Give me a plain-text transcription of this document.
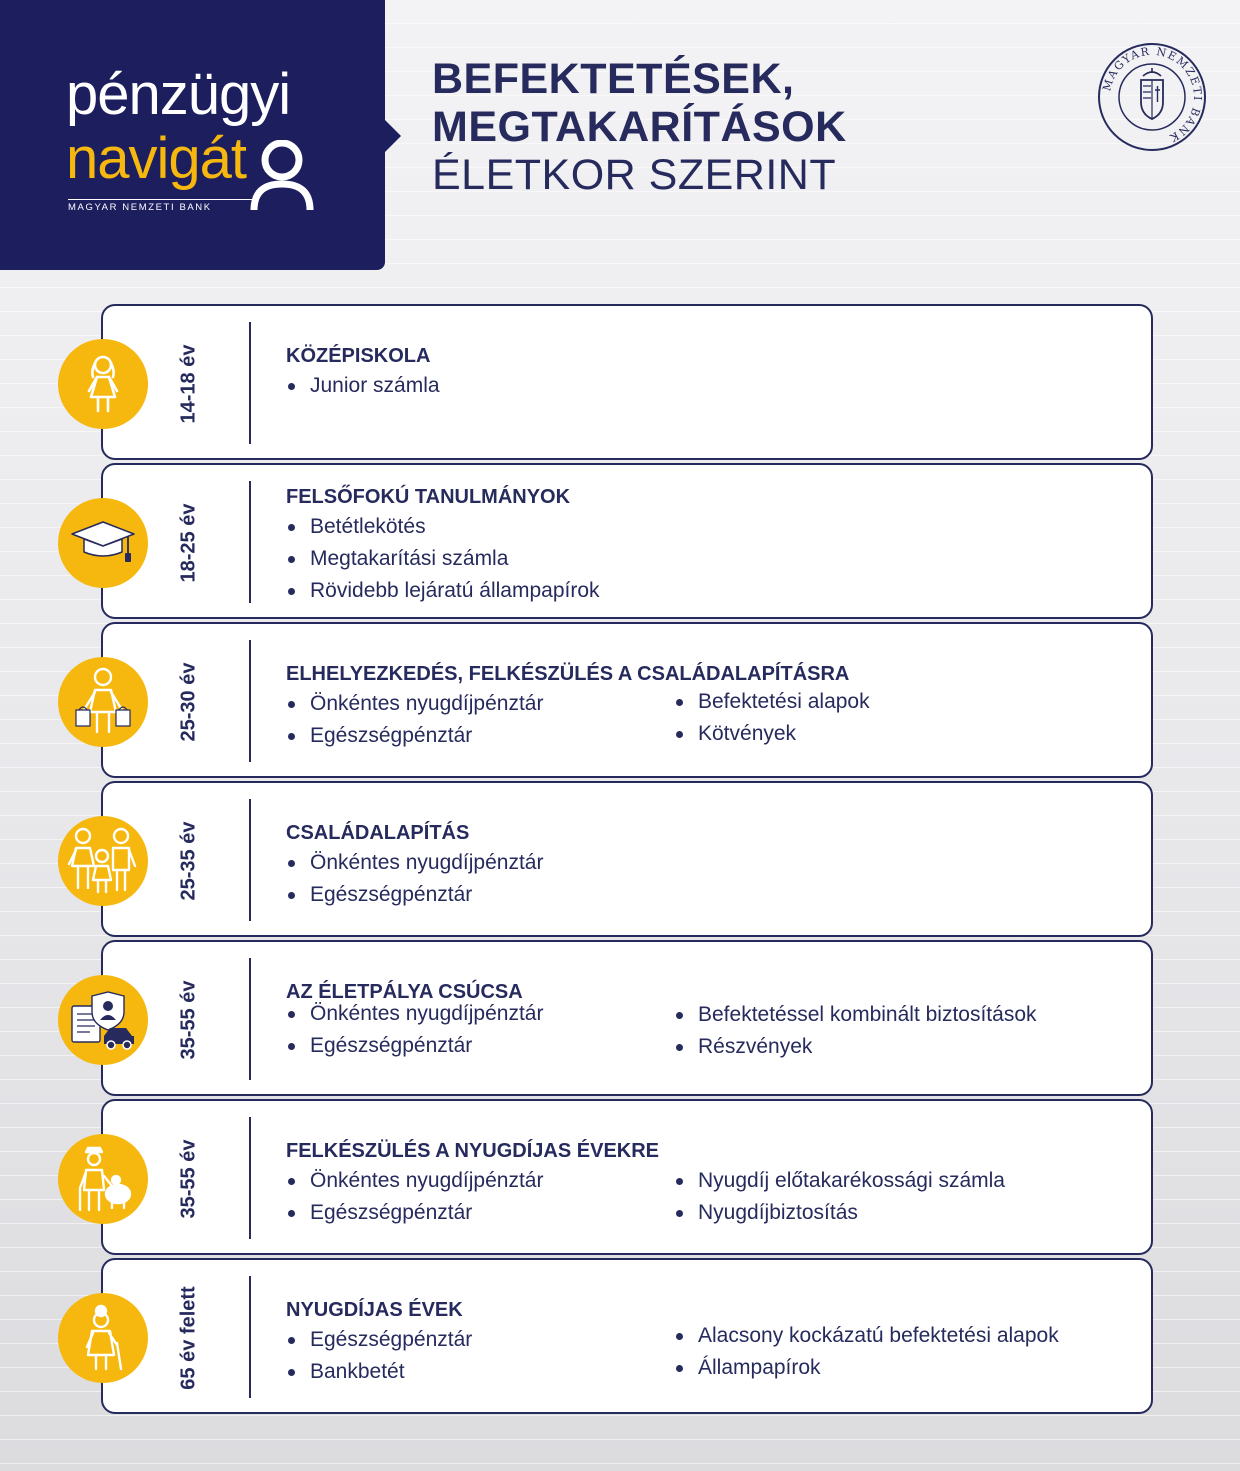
pénzügyi
navigát
MAGYAR NEMZETI BANK
BEFEKTETÉSEK,
MEGTAKARÍTÁSOK
ÉLETKOR SZERINT
MAGYAR NEMZETI BANK
14-18 év	KÖZÉPISKOLA
Junior számla
18-25 év
FELSŐFOKÚ TANULMÁNYOK
Betétlekötés
Megtakarítási számla
Rövidebb lejáratú állampapírok
25-30 év	ELHELYEZKEDÉS, FELKÉSZÜLÉS A CSALÁDALAPÍTÁSRA
Önkéntes nyugdíjpénztár
Egészségpénztár
Befektetési alapok
Kötvények
25-35 év	CSALÁDALAPÍTÁS
Önkéntes nyugdíjpénztár
Egészségpénztár
35-55 év	AZ ÉLETPÁLYA CSÚCSA
Önkéntes nyugdíjpénztár
Egészségpénztár
Befektetéssel kombinált biztosítások
Részvények
35-55 év	FELKÉSZÜLÉS A NYUGDÍJAS ÉVEKRE
Önkéntes nyugdíjpénztár
Egészségpénztár
Nyugdíj előtakarékossági számla
Nyugdíjbiztosítás
65 év felett	NYUGDÍJAS ÉVEK
Egészségpénztár
Bankbetét
Alacsony kockázatú befektetési alapok
Állampapírok
